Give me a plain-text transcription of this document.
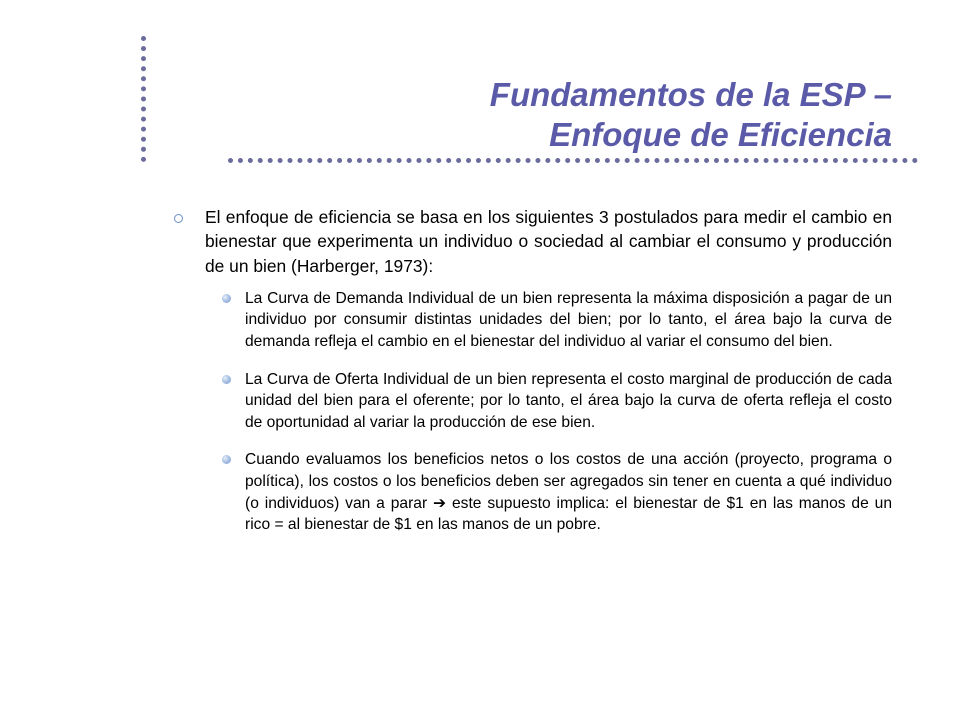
Fundamentos de la ESP –
Enfoque de Eficiencia

El enfoque de eficiencia se basa en los siguientes 3 postulados para medir el cambio en bienestar que experimenta un individuo o sociedad al cambiar el consumo y producción de un bien (Harberger, 1973):

La Curva de Demanda Individual de un bien representa la máxima disposición a pagar de un individuo por consumir distintas unidades del bien; por lo tanto, el área bajo la curva de demanda refleja el cambio en el bienestar del individuo al variar el consumo del bien.

La Curva de Oferta Individual de un bien representa el costo marginal de producción de cada unidad del bien para el oferente; por lo tanto, el área bajo la curva de oferta refleja el costo de oportunidad al variar la producción de ese bien.

Cuando evaluamos los beneficios netos o los costos de una acción (proyecto, programa o política), los costos o los beneficios deben ser agregados sin tener en cuenta a qué individuo (o individuos) van a parar ➔ este supuesto implica: el bienestar de $1 en las manos de un rico = al bienestar de $1 en las manos de un pobre.
